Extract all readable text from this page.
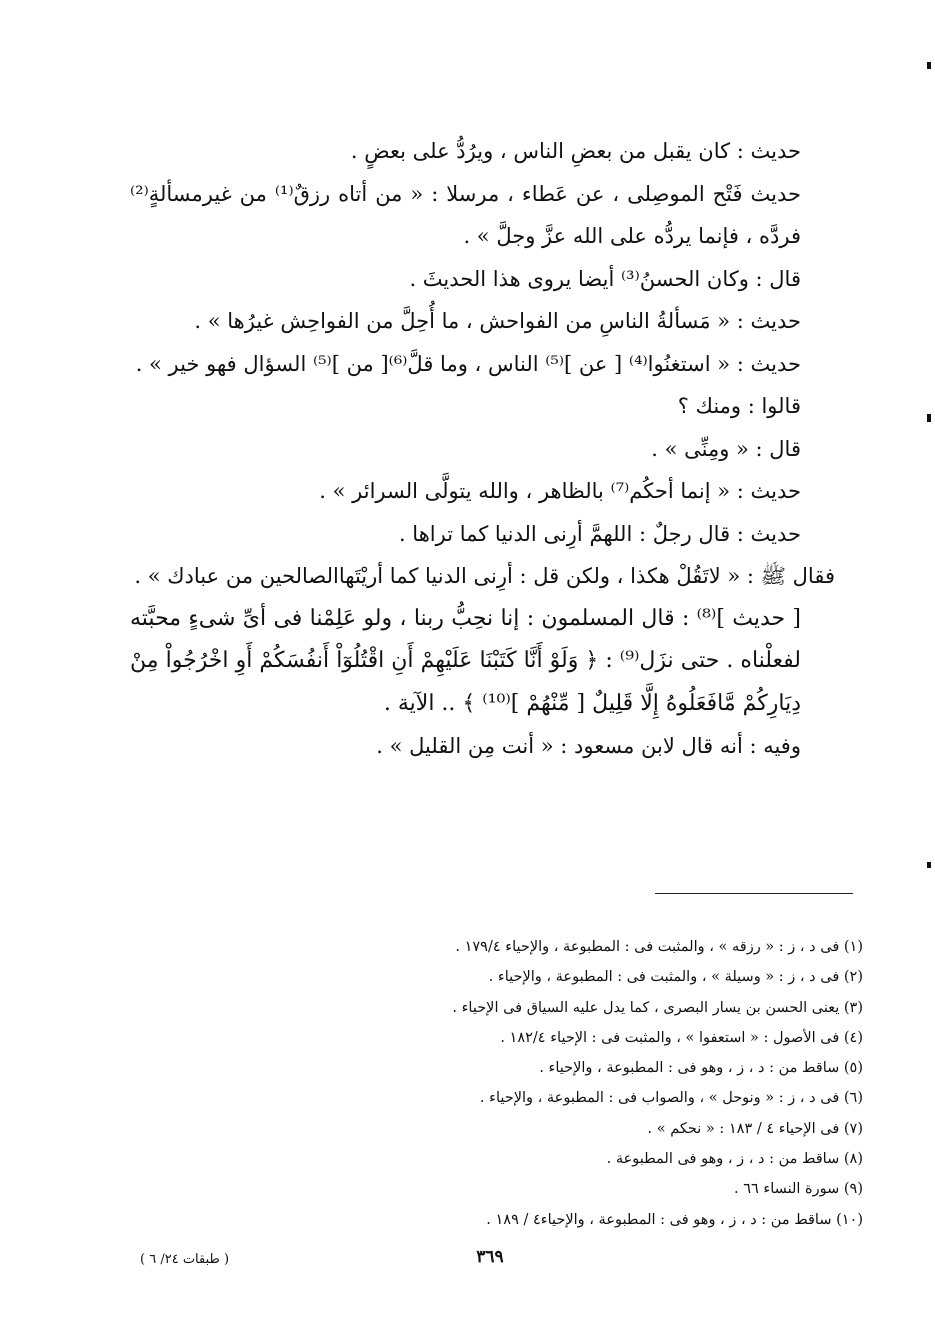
حديث : كان يقبل من بعضِ الناس ، ويرُدُّ على بعضٍ .

حديث فَتْح الموصِلى ، عن عَطاء ، مرسلا : « من أتاه رزقٌ⁽¹⁾ من غيرمسألةٍ⁽²⁾ فردَّه ، فإنما يردُّه على الله عزَّ وجلَّ » .

قال : وكان الحسنُ⁽³⁾ أيضا يروى هذا الحديثَ .

حديث : « مَسألةُ الناسِ من الفواحش ، ما أُحِلَّ من الفواحِش غيرُها » .

حديث : « استغنُوا⁽⁴⁾ [ عن ]⁽⁵⁾ الناس ، وما قلَّ⁽⁶⁾[ من ]⁽⁵⁾ السؤال فهو خير » .

قالوا : ومنك ؟

قال : « ومِنِّى » .

حديث : « إنما أحكُم⁽⁷⁾ بالظاهر ، والله يتولَّى السرائر » .

حديث : قال رجلٌ : اللهمَّ أرِنى الدنيا كما تراها .

فقال ﷺ : « لاتَقُلْ هكذا ، ولكن قل : أرِنى الدنيا كما أريْتَهاالصالحين من عبادك » .

[ حديث ]⁽⁸⁾ : قال المسلمون : إنا نحِبُّ ربنا ، ولو عَلِمْنا فى أىِّ شىءٍ محبَّته لفعلْناه . حتى نزَل⁽⁹⁾ : ﴿ وَلَوْ أَنَّا كَتَبْنَا عَلَيْهِمْ أَنِ اقْتُلُوٓاْ أَنفُسَكُمْ أَوِ اخْرُجُواْ مِنْ دِيَارِكُمْ مَّافَعَلُوهُ إِلَّا قَلِيلٌ [ مِّنْهُمْ ]⁽¹⁰⁾ ﴾ .. الآية .

وفيه : أنه قال لابن مسعود : « أنت مِن القليل » .

(١) فى د ، ز : « رزقه » ، والمثبت فى : المطبوعة ، والإحياء ١٧٩/٤ .

(٢) فى د ، ز : « وسيلة » ، والمثبت فى : المطبوعة ، والإحياء .

(٣) يعنى الحسن بن يسار البصرى ، كما يدل عليه السياق فى الإحياء .

(٤) فى الأصول : « استعفوا » ، والمثبت فى : الإحياء ١٨٢/٤ .

(٥) ساقط من : د ، ز ، وهو فى : المطبوعة ، والإحياء .

(٦) فى د ، ز : « ونوحل » ، والصواب فى : المطبوعة ، والإحياء .

(٧) فى الإحياء ٤ / ١٨٣ : « نحكم » .

(٨) ساقط من : د ، ز ، وهو فى المطبوعة .

(٩) سورة النساء ٦٦ .

(١٠) ساقط من : د ، ز ، وهو فى : المطبوعة ، والإحياء٤ / ١٨٩ .

٣٦٩
( طبقات ٢٤/ ٦ )
